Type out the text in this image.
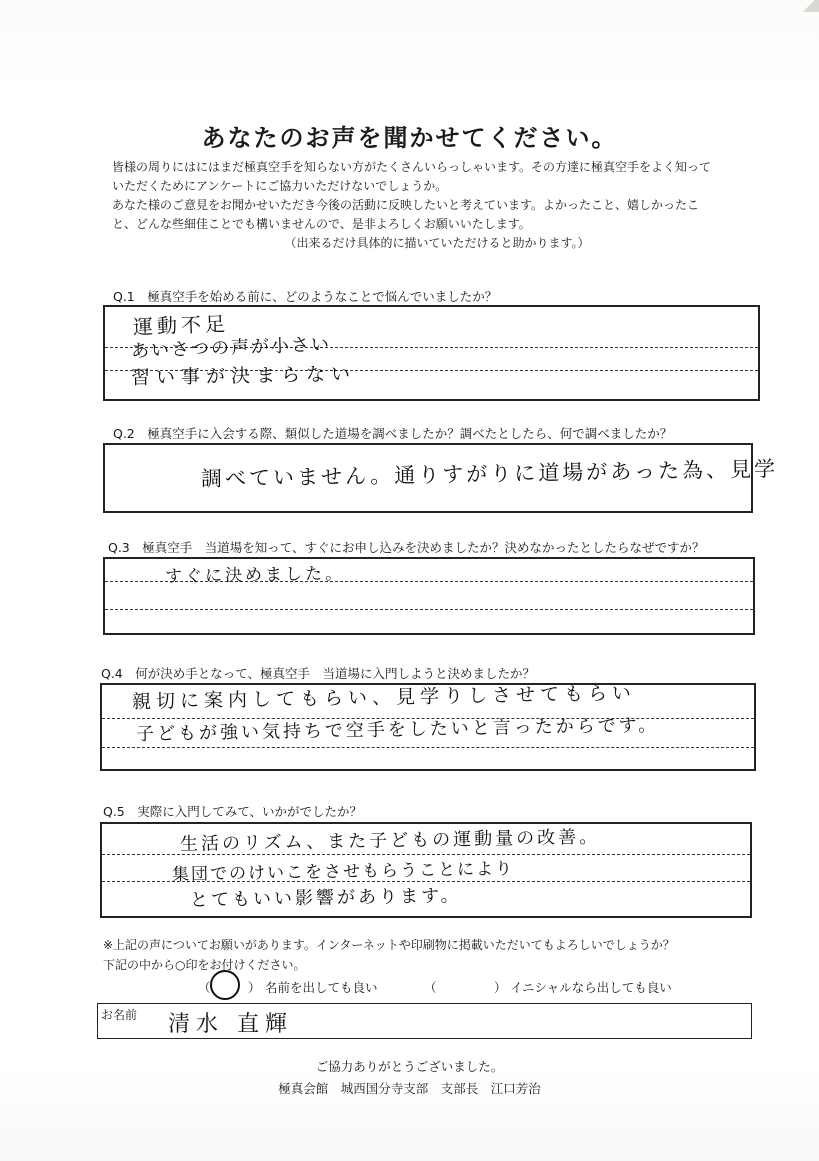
あなたのお声を聞かせてください。

皆様の周りにはにはまだ極真空手を知らない方がたくさんいらっしゃいます。その方達に極真空手をよく知って

いただくためにアンケートにご協力いただけないでしょうか。

あなた様のご意見をお聞かせいただき今後の活動に反映したいと考えています。よかったこと、嬉しかったこ

と、どんな些細佳ことでも構いませんので、是非よろしくお願いいたします。

（出来るだけ具体的に描いていただけると助かります。）

Q.1　極真空手を始める前に、どのようなことで悩んでいましたか？
運動不足
あいさつの声が小さい
習い事が決まらない
Q.2　極真空手に入会する際、類似した道場を調べましたか？調べたとしたら、何で調べましたか？
調べていません。通りすがりに道場があった為、見学
Q.3　極真空手　当道場を知って、すぐにお申し込みを決めましたか？決めなかったとしたらなぜですか？
すぐに決めました。
Q.4　何が決め手となって、極真空手　当道場に入門しようと決めましたか？
親切に案内してもらい、見学りしさせてもらい
子どもが強い気持ちで空手をしたいと言ったからです。
Q.5　実際に入門してみて、いかがでしたか？
生活のリズム、また子どもの運動量の改善。
集団でのけいこをさせもらうことにより
とてもいい影響があります。
※上記の声についてお願いがあります。インターネットや印刷物に掲載いただいてもよろしいでしょうか？
下記の中から○印をお付けください。
（	） 名前を出しても良い	（	） イニシャルなら出しても良い
お名前 清水 直輝
ご協力ありがとうございました。
極真会館　城西国分寺支部　支部長　江口芳治
